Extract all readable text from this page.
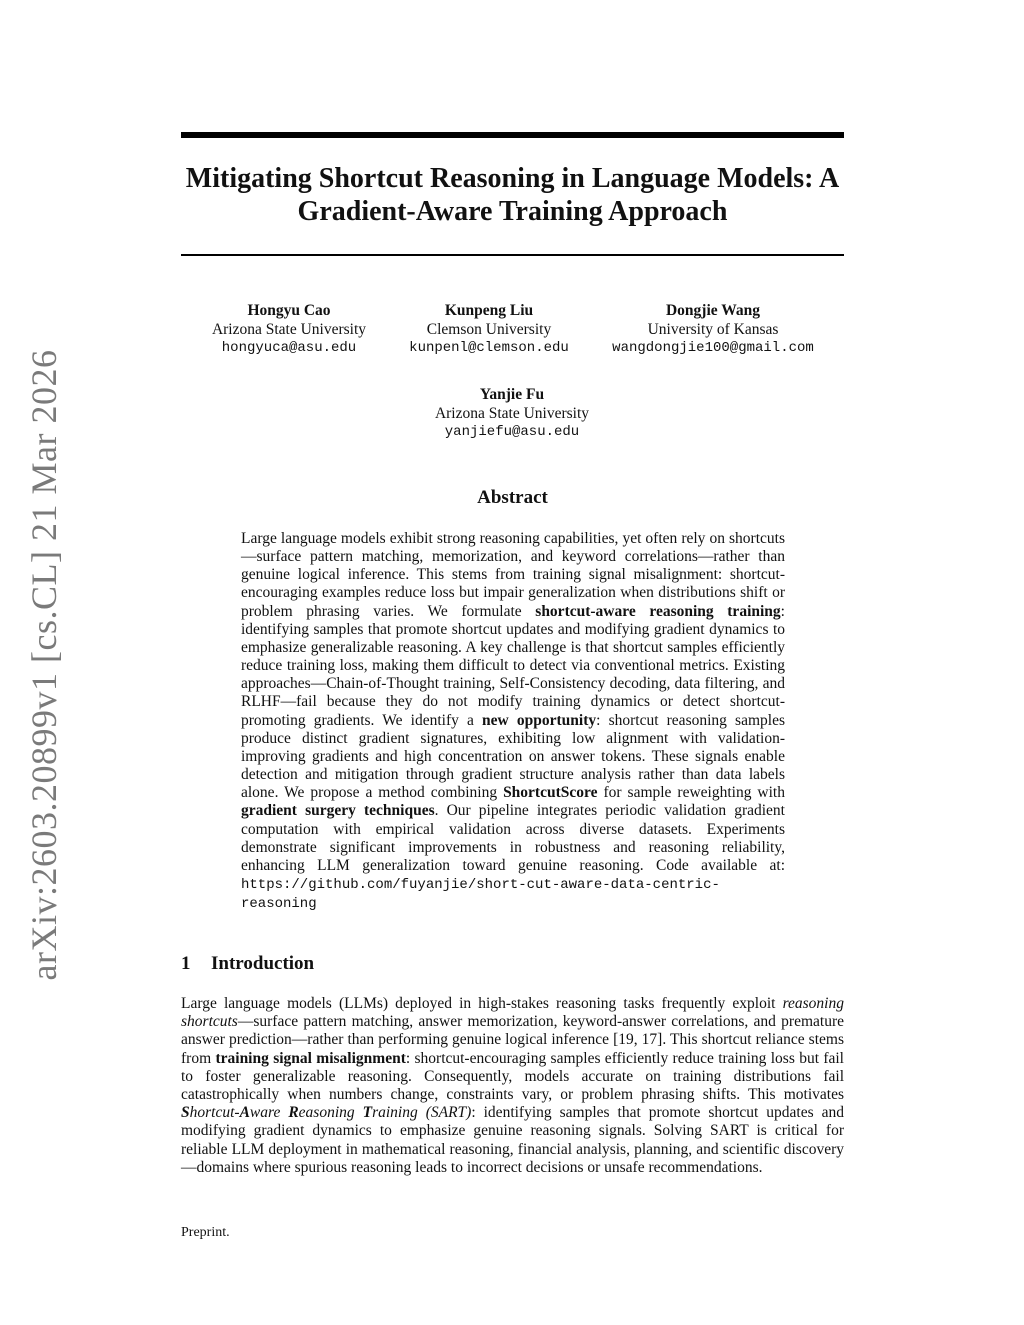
arXiv:2603.20899v1 [cs.CL] 21 Mar 2026
Mitigating Shortcut Reasoning in Language Models: A Gradient-Aware Training Approach
Hongyu Cao
Arizona State University
hongyuca@asu.edu
Kunpeng Liu
Clemson University
kunpenl@clemson.edu
Dongjie Wang
University of Kansas
wangdongjie100@gmail.com
Yanjie Fu
Arizona State University
yanjiefu@asu.edu
Abstract

Large language models exhibit strong reasoning capabilities, yet often rely on shortcuts—surface pattern matching, memorization, and keyword correlations—rather than genuine logical inference. This stems from training signal misalignment: shortcut-encouraging examples reduce loss but impair generalization when distributions shift or problem phrasing varies. We formulate shortcut-aware reasoning training: identifying samples that promote shortcut updates and modifying gradient dynamics to emphasize generalizable reasoning. A key challenge is that shortcut samples efficiently reduce training loss, making them difficult to detect via conventional metrics. Existing approaches—Chain-of-Thought training, Self-Consistency decoding, data filtering, and RLHF—fail because they do not modify training dynamics or detect shortcut-promoting gradients. We identify a new opportunity: shortcut reasoning samples produce distinct gradient signatures, exhibiting low alignment with validation-improving gradients and high concentration on answer tokens. These signals enable detection and mitigation through gradient structure analysis rather than data labels alone. We propose a method combining ShortcutScore for sample reweighting with gradient surgery techniques. Our pipeline integrates periodic validation gradient computation with empirical validation across diverse datasets. Experiments demonstrate significant improvements in robustness and reasoning reliability, enhancing LLM generalization toward genuine reasoning. Code available at: https://github.com/fuyanjie/short-cut-aware-data-centric-reasoning

1 Introduction

Large language models (LLMs) deployed in high-stakes reasoning tasks frequently exploit reasoning shortcuts—surface pattern matching, answer memorization, keyword-answer correlations, and premature answer prediction—rather than performing genuine logical inference [19, 17]. This shortcut reliance stems from training signal misalignment: shortcut-encouraging samples efficiently reduce training loss but fail to foster generalizable reasoning. Consequently, models accurate on training distributions fail catastrophically when numbers change, constraints vary, or problem phrasing shifts. This motivates Shortcut-Aware Reasoning Training (SART): identifying samples that promote shortcut updates and modifying gradient dynamics to emphasize genuine reasoning signals. Solving SART is critical for reliable LLM deployment in mathematical reasoning, financial analysis, planning, and scientific discovery—domains where spurious reasoning leads to incorrect decisions or unsafe recommendations.

Preprint.
